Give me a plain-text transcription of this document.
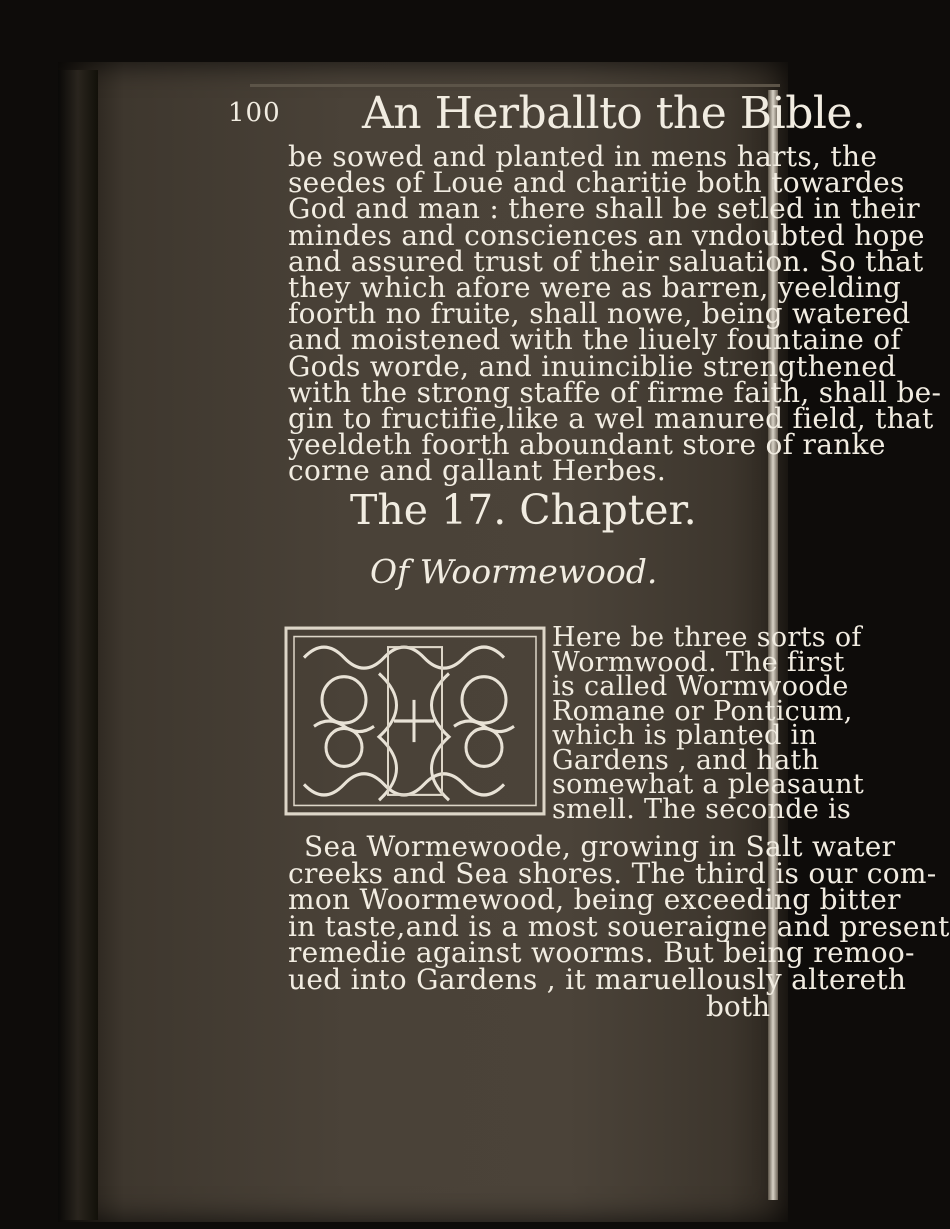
100 An Herballto the Bible.
be sowed and planted in mens harts, the
seedes of Loue and charitie both towardes
God and man : there shall be setled in their
mindes and consciences an vndoubted hope
and assured trust of their saluation. So that
they which afore were as barren, yeelding
foorth no fruite, shall nowe, being watered
and moistened with the liuely fountaine of
Gods worde, and inuinciblie strengthened
with the strong staffe of firme faith, shall be-
gin to fructifie,like a wel manured field, that
yeeldeth foorth aboundant store of ranke
corne and gallant Herbes.
The 17. Chapter.
Of Woormewood.
Here be three sorts of
Wormwood. The first
is called Wormwoode
Romane or Ponticum,
which is planted in
Gardens , and hath
somewhat a pleasaunt
smell. The seconde is
Sea Wormewoode, growing in Salt water
creeks and Sea shores. The third is our com-
mon Woormewood, being exceeding bitter
in taste,and is a most soueraigne and present
remedie against woorms. But being remoo-
ued into Gardens , it maruellously altereth
both
